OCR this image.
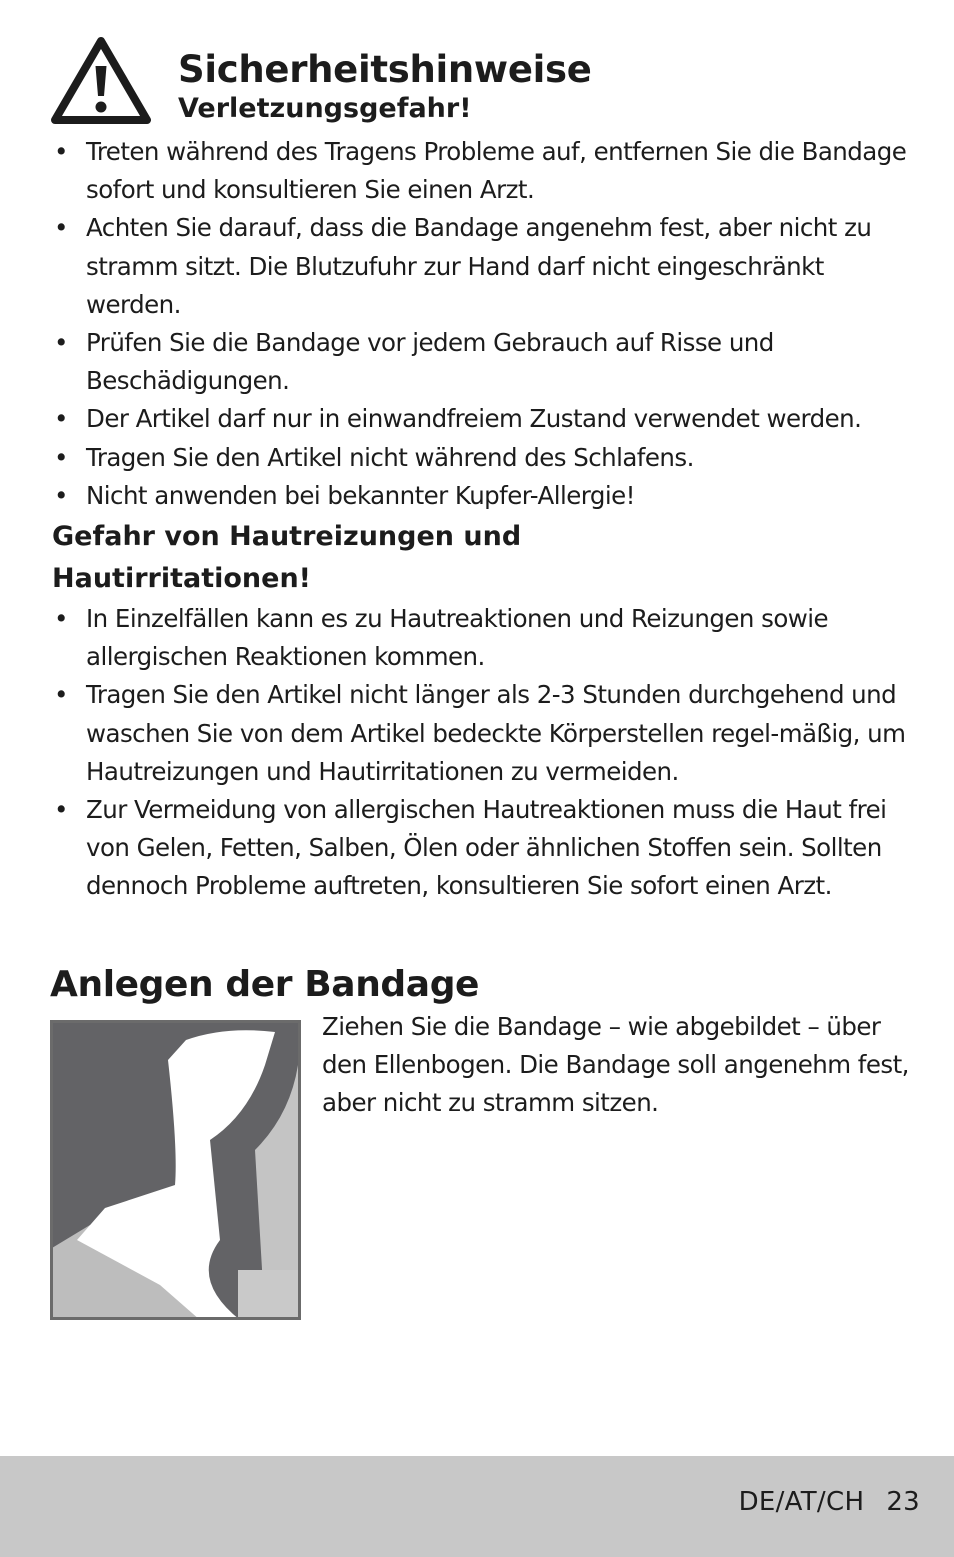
Sicherheitshinweise
Verletzungsgefahr!
• Treten während des Tragens Probleme auf, entfernen Sie die Bandage sofort und konsultieren Sie einen Arzt.
• Achten Sie darauf, dass die Bandage angenehm fest, aber nicht zu stramm sitzt. Die Blutzufuhr zur Hand darf nicht eingeschränkt werden.
• Prüfen Sie die Bandage vor jedem Gebrauch auf Risse und Beschädigungen.
• Der Artikel darf nur in einwandfreiem Zustand verwendet werden.
• Tragen Sie den Artikel nicht während des Schlafens.
• Nicht anwenden bei bekannter Kupfer-Allergie!
Gefahr von Hautreizungen und Hautirritationen!
• In Einzelfällen kann es zu Hautreaktionen und Reizungen sowie allergischen Reaktionen kommen.
• Tragen Sie den Artikel nicht länger als 2-3 Stunden durchgehend und waschen Sie von dem Artikel bedeckte Körperstellen regel-mäßig, um Hautreizungen und Hautirritationen zu vermeiden.
• Zur Vermeidung von allergischen Hautreaktionen muss die Haut frei von Gelen, Fetten, Salben, Ölen oder ähnlichen Stoffen sein. Sollten dennoch Probleme auftreten, konsultieren Sie sofort einen Arzt.
Anlegen der Bandage

Ziehen Sie die Bandage – wie abgebildet – über den Ellenbogen. Die Bandage soll angenehm fest, aber nicht zu stramm sitzen.

DE/AT/CH 23
